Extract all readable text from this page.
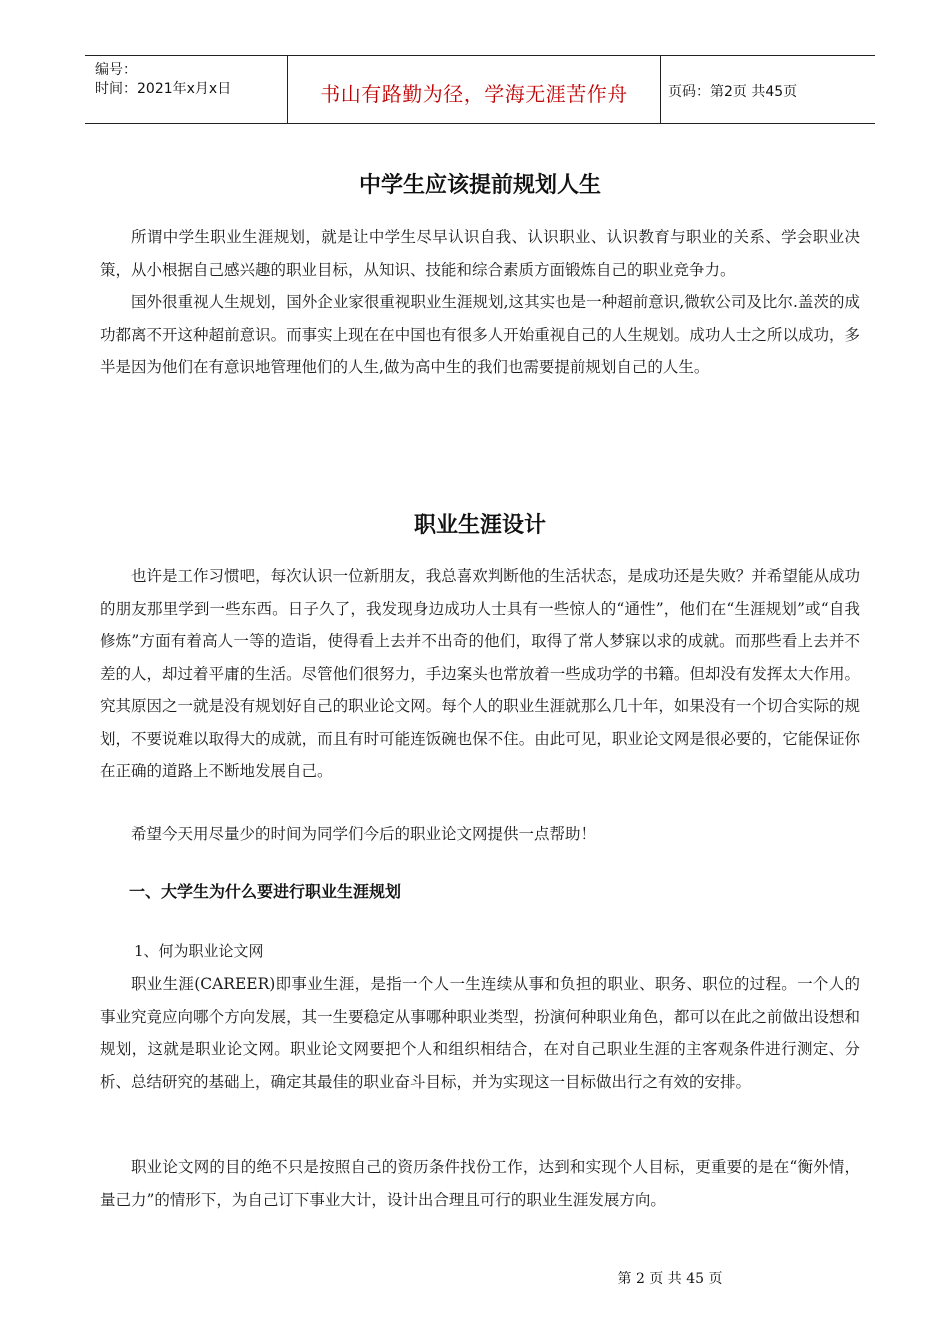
编号：
时间：2021年x月x日	书山有路勤为径，学海无涯苦作舟	页码：第2页 共45页
中学生应该提前规划人生

所谓中学生职业生涯规划，就是让中学生尽早认识自我、认识职业、认识教育与职业的关系、学会职业决策，从小根据自己感兴趣的职业目标，从知识、技能和综合素质方面锻炼自己的职业竞争力。

国外很重视人生规划，国外企业家很重视职业生涯规划,这其实也是一种超前意识,微软公司及比尔.盖茨的成功都离不开这种超前意识。而事实上现在在中国也有很多人开始重视自己的人生规划。成功人士之所以成功，多半是因为他们在有意识地管理他们的人生,做为高中生的我们也需要提前规划自己的人生。

职业生涯设计

也许是工作习惯吧，每次认识一位新朋友，我总喜欢判断他的生活状态，是成功还是失败？并希望能从成功的朋友那里学到一些东西。日子久了，我发现身边成功人士具有一些惊人的“通性”，他们在“生涯规划”或“自我修炼”方面有着高人一等的造诣，使得看上去并不出奇的他们，取得了常人梦寐以求的成就。而那些看上去并不差的人，却过着平庸的生活。尽管他们很努力，手边案头也常放着一些成功学的书籍。但却没有发挥太大作用。究其原因之一就是没有规划好自己的职业论文网。每个人的职业生涯就那么几十年，如果没有一个切合实际的规划，不要说难以取得大的成就，而且有时可能连饭碗也保不住。由此可见，职业论文网是很必要的，它能保证你在正确的道路上不断地发展自己。

希望今天用尽量少的时间为同学们今后的职业论文网提供一点帮助！

一、大学生为什么要进行职业生涯规划
1、何为职业论文网

职业生涯(CAREER)即事业生涯，是指一个人一生连续从事和负担的职业、职务、职位的过程。一个人的事业究竟应向哪个方向发展，其一生要稳定从事哪种职业类型，扮演何种职业角色，都可以在此之前做出设想和规划，这就是职业论文网。职业论文网要把个人和组织相结合，在对自己职业生涯的主客观条件进行测定、分析、总结研究的基础上，确定其最佳的职业奋斗目标，并为实现这一目标做出行之有效的安排。

职业论文网的目的绝不只是按照自己的资历条件找份工作，达到和实现个人目标，更重要的是在“衡外情，量己力”的情形下，为自己订下事业大计，设计出合理且可行的职业生涯发展方向。

第 2 页 共 45 页
